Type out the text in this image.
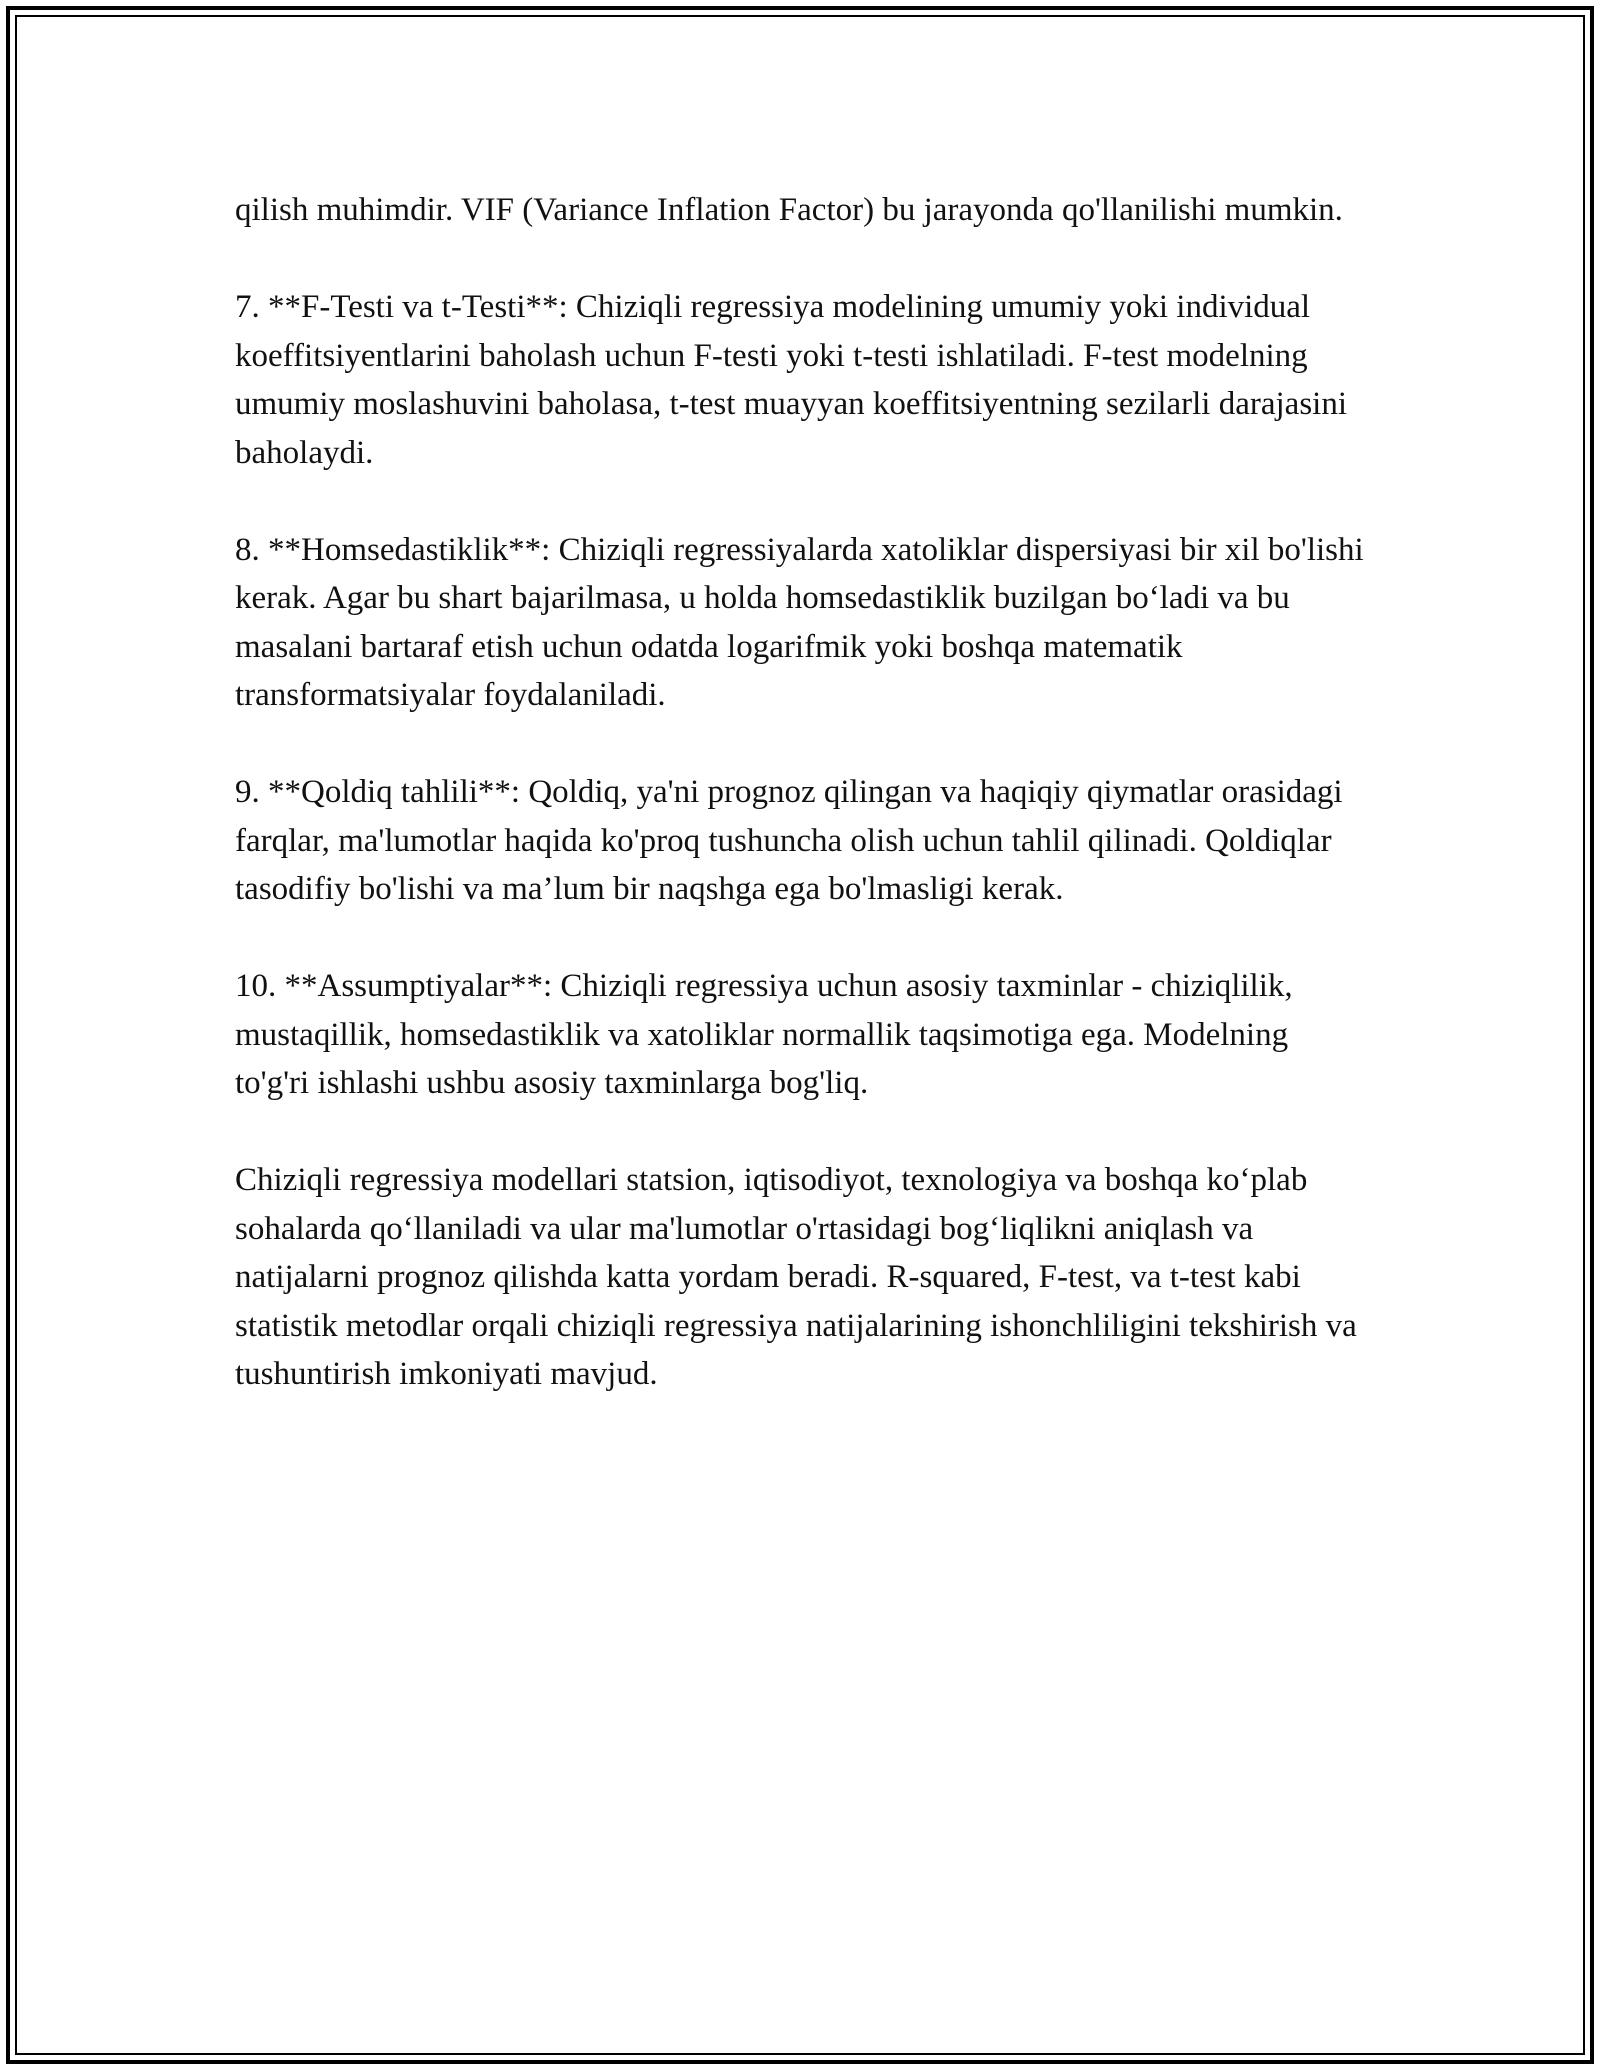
qilish muhimdir. VIF (Variance Inflation Factor) bu jarayonda qo'llanilishi mumkin.

7. **F-Testi va t-Testi**: Chiziqli regressiya modelining umumiy yoki individual koeffitsiyentlarini baholash uchun F-testi yoki t-testi ishlatiladi. F-test modelning umumiy moslashuvini baholasa, t-test muayyan koeffitsiyentning sezilarli darajasini baholaydi.

8. **Homsedastiklik**: Chiziqli regressiyalarda xatoliklar dispersiyasi bir xil bo'lishi kerak. Agar bu shart bajarilmasa, u holda homsedastiklik buzilgan bo‘ladi va bu masalani bartaraf etish uchun odatda logarifmik yoki boshqa matematik transformatsiyalar foydalaniladi.

9. **Qoldiq tahlili**: Qoldiq, ya'ni prognoz qilingan va haqiqiy qiymatlar orasidagi farqlar, ma'lumotlar haqida ko'proq tushuncha olish uchun tahlil qilinadi. Qoldiqlar tasodifiy bo'lishi va ma’lum bir naqshga ega bo'lmasligi kerak.

10. **Assumptiyalar**: Chiziqli regressiya uchun asosiy taxminlar - chiziqlilik, mustaqillik, homsedastiklik va xatoliklar normallik taqsimotiga ega. Modelning to'g'ri ishlashi ushbu asosiy taxminlarga bog'liq.

Chiziqli regressiya modellari statsion, iqtisodiyot, texnologiya va boshqa ko‘plab sohalarda qo‘llaniladi va ular ma'lumotlar o'rtasidagi bog‘liqlikni aniqlash va natijalarni prognoz qilishda katta yordam beradi. R-squared, F-test, va t-test kabi statistik metodlar orqali chiziqli regressiya natijalarining ishonchliligini tekshirish va tushuntirish imkoniyati mavjud.
